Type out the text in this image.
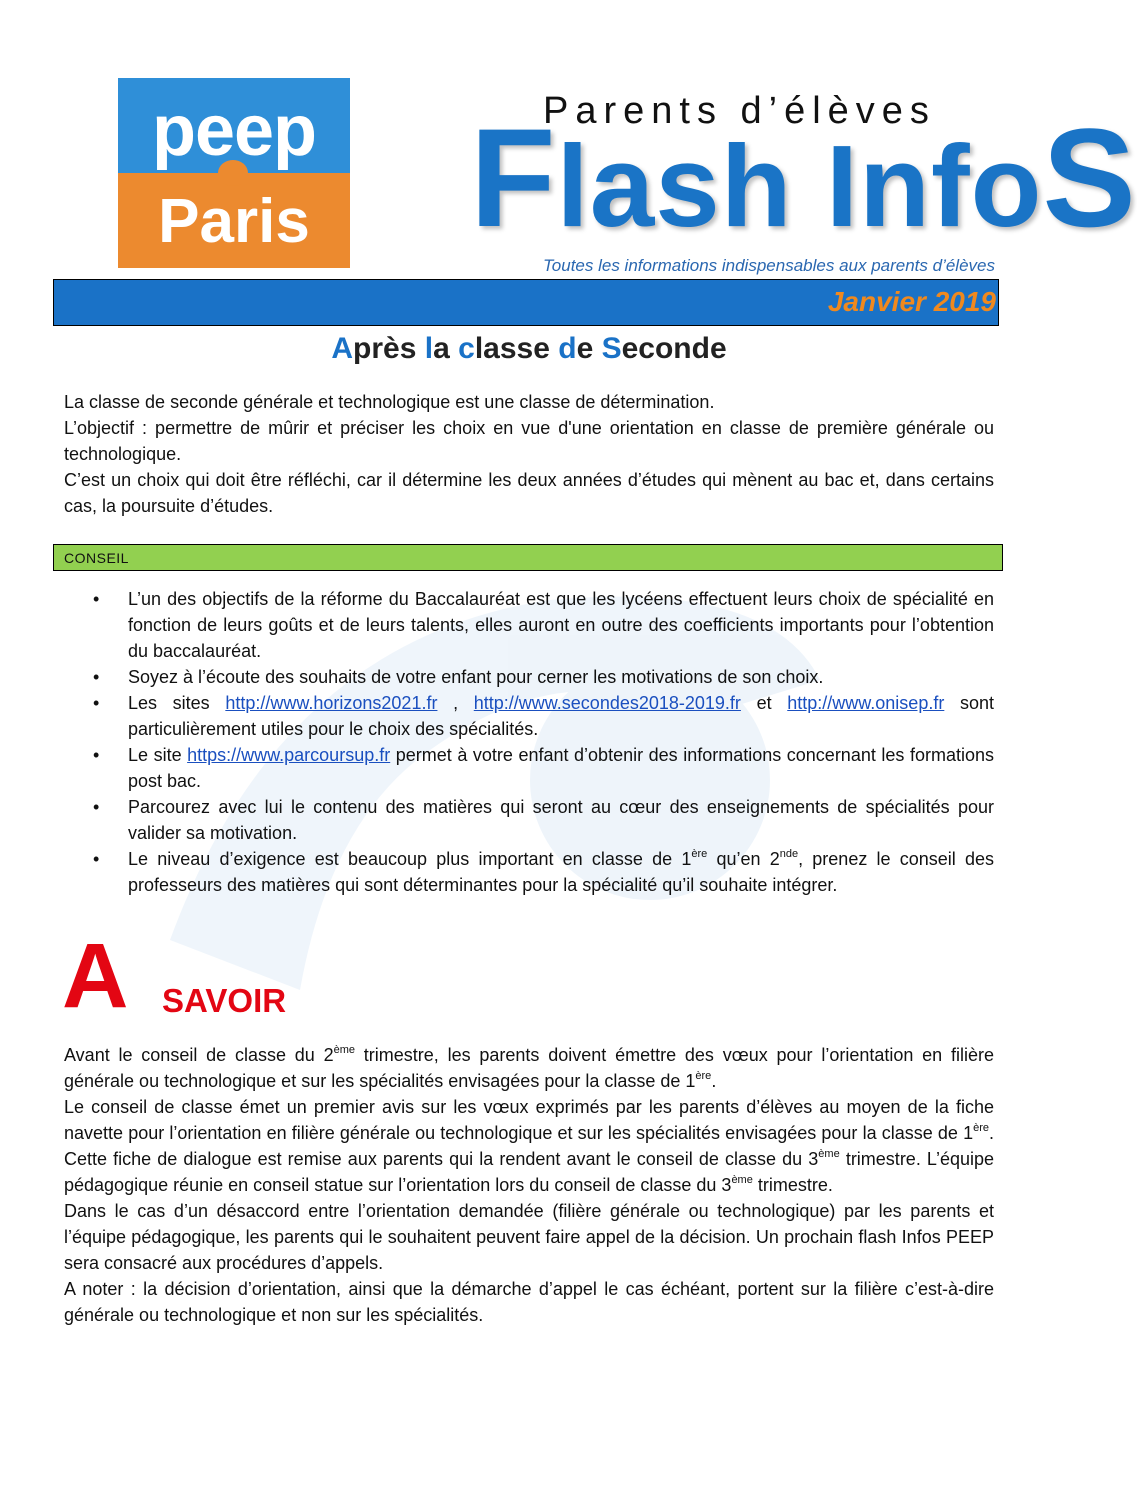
peep
Paris
Parents d’élèves
Flash InfoS
Toutes les informations indispensables aux parents d’élèves
Janvier 2019
Après la classe de Seconde

La classe de seconde générale et technologique est une classe de détermination.

L’objectif : permettre de mûrir et préciser les choix en vue d'une orientation en classe de première générale ou technologique.

C’est un choix qui doit être réfléchi, car il détermine les deux années d’études qui mènent au bac et, dans certains cas, la poursuite d’études.

CONSEIL
• L’un des objectifs de la réforme du Baccalauréat est que les lycéens effectuent leurs choix de spécialité en fonction de leurs goûts et de leurs talents, elles auront en outre des coefficients importants pour l’obtention du baccalauréat.
• Soyez à l’écoute des souhaits de votre enfant pour cerner les motivations de son choix.
• Les sites http://www.horizons2021.fr , http://www.secondes2018-2019.fr et http://www.onisep.fr sont particulièrement utiles pour le choix des spécialités.
• Le site https://www.parcoursup.fr permet à votre enfant d’obtenir des informations concernant les formations post bac.
• Parcourez avec lui le contenu des matières qui seront au cœur des enseignements de spécialités pour valider sa motivation.
• Le niveau d’exigence est beaucoup plus important en classe de 1ère qu’en 2nde, prenez le conseil des professeurs des matières qui sont déterminantes pour la spécialité qu’il souhaite intégrer.
A SAVOIR

Avant le conseil de classe du 2ème trimestre, les parents doivent émettre des vœux pour l’orientation en filière générale ou technologique et sur les spécialités envisagées pour la classe de 1ère.

Le conseil de classe émet un premier avis sur les vœux exprimés par les parents d’élèves au moyen de la fiche navette pour l’orientation en filière générale ou technologique et sur les spécialités envisagées pour la classe de 1ère. Cette fiche de dialogue est remise aux parents qui la rendent avant le conseil de classe du 3ème trimestre. L’équipe pédagogique réunie en conseil statue sur l’orientation lors du conseil de classe du 3ème trimestre.

Dans le cas d’un désaccord entre l’orientation demandée (filière générale ou technologique) par les parents et l’équipe pédagogique, les parents qui le souhaitent peuvent faire appel de la décision. Un prochain flash Infos PEEP sera consacré aux procédures d’appels.

A noter : la décision d’orientation, ainsi que la démarche d’appel le cas échéant, portent sur la filière c’est-à-dire générale ou technologique et non sur les spécialités.
